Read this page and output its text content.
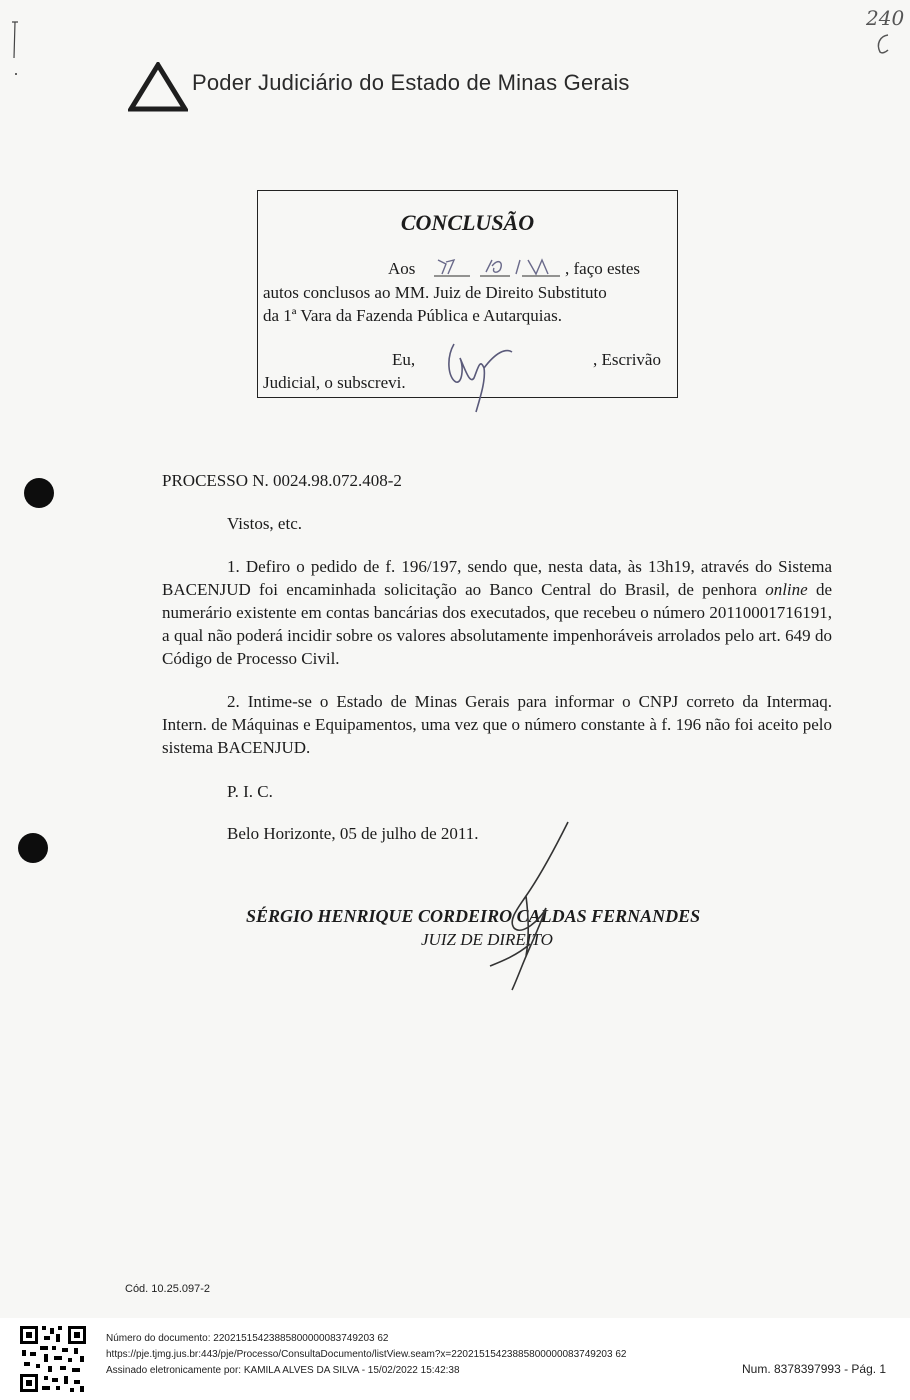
240
Poder Judiciário do Estado de Minas Gerais
CONCLUSÃO
Aos	, faço estes
autos conclusos ao MM. Juiz de Direito Substituto
da 1ª Vara da Fazenda Pública e Autarquias.
Eu,	, Escrivão
Judicial, o subscrevi.
PROCESSO N. 0024.98.072.408-2
Vistos, etc.
1. Defiro o pedido de f. 196/197, sendo que, nesta data, às 13h19, através do Sistema BACENJUD foi encaminhada solicitação ao Banco Central do Brasil, de penhora online de numerário existente em contas bancárias dos executados, que recebeu o número 20110001716191, a qual não poderá incidir sobre os valores absolutamente impenhoráveis arrolados pelo art. 649 do Código de Processo Civil.
2. Intime-se o Estado de Minas Gerais para informar o CNPJ correto da Intermaq. Intern. de Máquinas e Equipamentos, uma vez que o número constante à f. 196 não foi aceito pelo sistema BACENJUD.
P. I. C.
Belo Horizonte, 05 de julho de 2011.
SÉRGIO HENRIQUE CORDEIRO CALDAS FERNANDES
JUIZ DE DIREITO
Cód. 10.25.097-2
Número do documento: 22021515423885800000083749203 62
https://pje.tjmg.jus.br:443/pje/Processo/ConsultaDocumento/listView.seam?x=22021515423885800000083749203 62
Assinado eletronicamente por: KAMILA ALVES DA SILVA - 15/02/2022 15:42:38	Num. 8378397993 - Pág. 1
